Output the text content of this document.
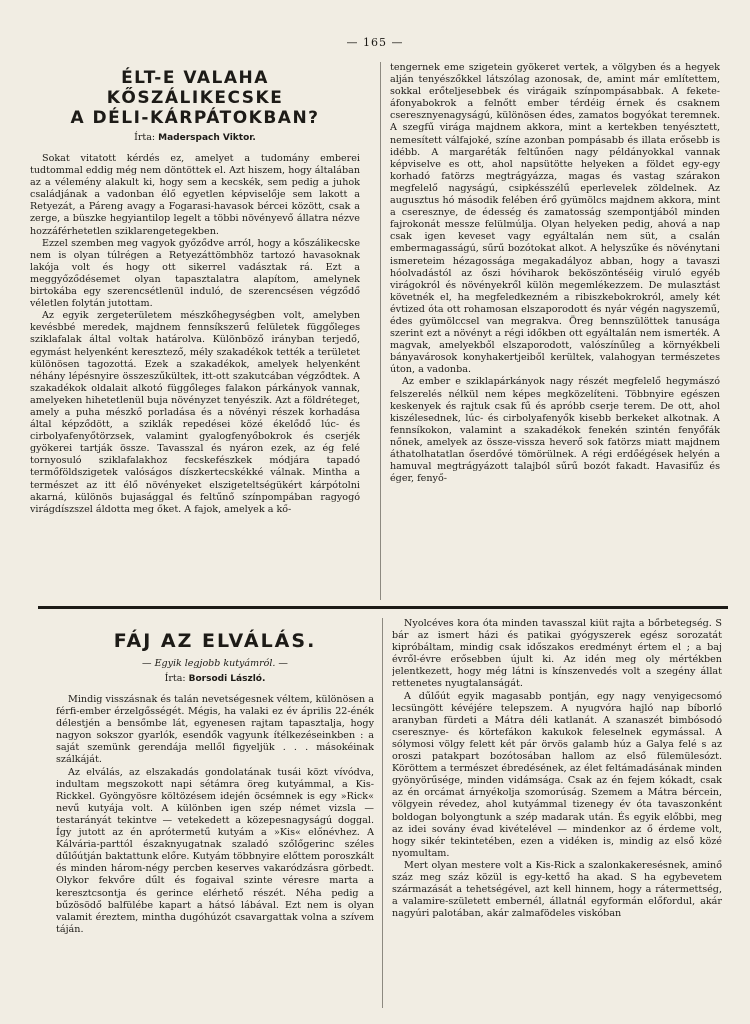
— 165 —
ÉLT-E VALAHA KŐSZÁLIKECSKE
A DÉLI-KÁRPÁTOKBAN?
Írta: Maderspach Viktor.

Sokat vitatott kérdés ez, amelyet a tudomány emberei tudtommal eddig még nem döntöttek el. Azt hiszem, hogy általában az a vélemény alakult ki, hogy sem a kecskék, sem pedig a juhok családjának a vadonban élő egyetlen képviselője sem lakott a Retyezát, a Páreng avagy a Fogarasi-havasok bércei között, csak a zerge, a büszke hegyiantilop legelt a többi növényevő állatra nézve hozzáférhetetlen sziklarengetegekben.

Ezzel szemben meg vagyok győződve arról, hogy a kőszálikecske nem is olyan túlrégen a Retyezáttömbhöz tartozó havasoknak lakója volt és hogy ott sikerrel vadásztak rá. Ezt a meggyőződésemet olyan tapasztalatra alapítom, amelynek birtokába egy szerencsétlenül induló, de szerencsésen végződő véletlen folytán jutottam.

Az egyik zergeterületem mészkőhegységben volt, amelyben kevésbbé meredek, majdnem fennsíkszerű felületek függőleges sziklafalak által voltak határolva. Különböző irányban terjedő, egymást helyenként keresztező, mély szakadékok tették a területet különösen tagozottá. Ezek a szakadékok, amelyek helyenként néhány lépésnyire összeszűkültek, itt-ott szakutcában végződtek. A szakadékok oldalait alkotó függőleges falakon párkányok vannak, amelyeken hihetetlenül buja növényzet tenyészik. Azt a földréteget, amely a puha mészkő porladása és a növényi részek korhadása által képződött, a sziklák repedései közé ékelődő lúc- és cirbolyafenyőtörzsek, valamint gyalogfenyőbokrok és cserjék gyökerei tartják össze. Tavasszal és nyáron ezek, az ég felé tornyosuló sziklafalakhoz fecskefészkek módjára tapadó termőföldszigetek valóságos díszkertecskékké válnak. Mintha a természet az itt élő növényeket elszigeteltségükért kárpótolni akarná, különös bujasággal és feltűnő színpompában ragyogó virágdíszszel áldotta meg őket. A fajok, amelyek a kő-

tengernek eme szigetein gyökeret vertek, a völgyben és a hegyek alján tenyészőkkel látszólag azonosak, de, amint már említettem, sokkal erőteljesebbek és virágaik színpompásabbak. A fekete-áfonyabokrok a felnőtt ember térdéig érnek és csaknem cseresznyenagyságú, különösen édes, zamatos bogyókat teremnek. A szegfű virága majdnem akkora, mint a kertekben tenyésztett, nemesített válfajoké, színe azonban pompásabb és illata erősebb is idébb. A margaréták feltűnően nagy példányokkal vannak képviselve es ott, ahol napsütötte helyeken a földet egy-egy korhadó fatörzs megtrágyázza, magas és vastag szárakon megfelelő nagyságú, csipkésszélű eperlevelek zöldelnek. Az augusztus hó második felében érő gyümölcs majdnem akkora, mint a cseresznye, de édesség és zamatosság szempontjából minden fajrokonát messze felülmúlja. Olyan helyeken pedig, ahová a nap csak igen keveset vagy egyáltalán nem süt, a csalán embermagasságú, sűrű bozótokat alkot. A helyszűke és növénytani ismereteim hézagossága megakadályoz abban, hogy a tavaszi hóolvadástól az őszi hóviharok beköszöntéséig viruló egyéb virágokról és növényekről külön megemlékezzem. De mulasztást követnék el, ha megfeledkezném a ribiszkebokrokról, amely két évtized óta ott rohamosan elszaporodott és nyár végén nagyszemű, édes gyümölccsel van megrakva. Öreg bennszülöttek tanusága szerint ezt a növényt a régi időkben ott egyáltalán nem ismerték. A magvak, amelyekből elszaporodott, valószínűleg a környékbeli bányavárosok konyhakertjeiből kerültek, valahogyan természetes úton, a vadonba.

Az ember e sziklapárkányok nagy részét megfelelő hegymászó felszerelés nélkül nem képes megközelíteni. Többnyire egészen keskenyek és rajtuk csak fű és apróbb cserje terem. De ott, ahol kiszélesednek, lúc- és cirbolyafenyők kisebb berkeket alkotnak. A fennsíkokon, valamint a szakadékok fenekén szintén fenyőfák nőnek, amelyek az össze-vissza heverő sok fatörzs miatt majdnem áthatolhatatlan őserdővé tömörülnek. A régi erdőégések helyén a hamuval megtrágyázott talajból sűrű bozót fakadt. Havasifűz és éger, fenyő-

FÁJ AZ ELVÁLÁS.
— Egyik legjobb kutyámról. —
Írta: Borsodi László.

Mindig visszásnak és talán nevetségesnek véltem, különösen a férfi-ember érzelgősségét. Mégis, ha valaki ez év április 22-énék délestjén a bensőmbe lát, egyenesen rajtam tapasztalja, hogy nagyon sokszor gyarlók, esendők vagyunk ítélkezéseinkben : a saját szemünk gerendája mellől figyeljük . . . másokéinak szálkáját.

Az elválás, az elszakadás gondolatának tusái közt vívódva, indultam megszokott napi sétámra öreg kutyámmal, a Kis-Rickkel. Gyöngyösre költözésem idején öcsémnek is egy »Rick« nevű kutyája volt. A különben igen szép német vizsla — testarányát tekintve — vetekedett a közepesnagyságú doggal. Így jutott az én aprótermetű kutyám a »Kis« előnévhez. A Kálvária-parttól északnyugatnak szaladó szőlőgerinc széles dűlőútján baktattunk előre. Kutyám többnyire előttem poroszkált és minden három-négy percben keserves vakaródzásra görbedt. Olykor fekvőre dűlt és fogaival szinte véresre marta a keresztcsontja és gerince elérhető részét. Néha pedig a bűzösödő balfülébe kapart a hátsó lábával. Ezt nem is olyan valamit éreztem, mintha dugóhúzót csavargattak volna a szívem táján.

Nyolcéves kora óta minden tavasszal kiüt rajta a bőrbetegség. S bár az ismert házi és patikai gyógyszerek egész sorozatát kipróbáltam, mindig csak időszakos eredményt értem el ; a baj évről-évre erősebben újult ki. Az idén meg oly mértékben jelentkezett, hogy még látni is kínszenvedés volt a szegény állat rettenetes nyugtalanságát.

A dűlőút egyik magasabb pontján, egy nagy venyigecsomó lecsüngött kévéjére telepszem. A nyugvóra hajló nap bíborló aranyban fürdeti a Mátra déli katlanát. A szanaszét bimbósodó cseresznye- és körtefákon kakukok feleselnek egymással. A sólymosi völgy felett két pár örvös galamb húz a Galya felé s az oroszi patakpart bozótosában hallom az első fülemülesózt. Köröttem a természet ébredésének, az élet feltámadásának minden gyönyörűsége, minden vidámsága. Csak az én fejem kókadt, csak az én orcámat árnyékolja szomorúság. Szemem a Mátra bércein, völgyein révedez, ahol kutyámmal tizenegy év óta tavaszonként boldogan bolyongtunk a szép madarak után. És egyik előbbi, meg az idei sovány évad kivételével — mindenkor az ő érdeme volt, hogy sikér tekintetében, ezen a vidéken is, mindig az első közé nyomultam.

Mert olyan mestere volt a Kis-Rick a szalonkakeresésnek, aminő száz meg száz közül is egy-kettő ha akad. S ha egybevetem származását a tehetségével, azt kell hinnem, hogy a rátermettség, a valamire-született embernél, állatnál egyformán előfordul, akár nagyúri palotában, akár zalmafödeles viskóban
